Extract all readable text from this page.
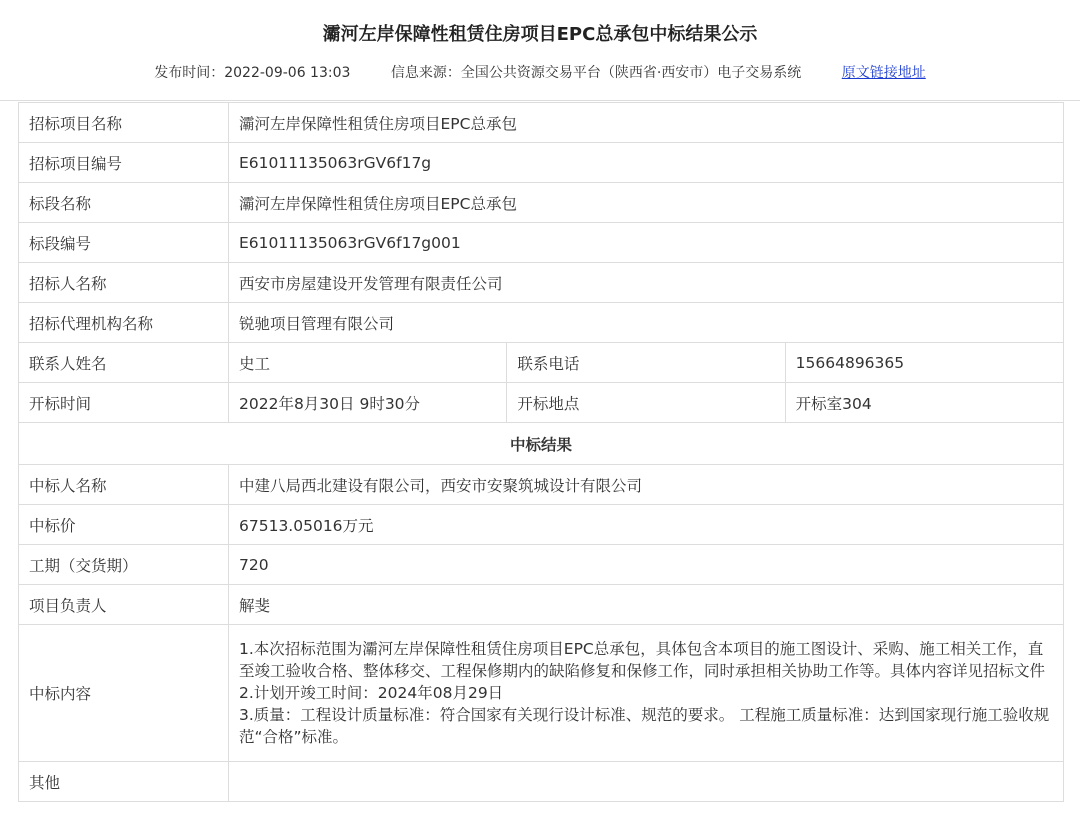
灞河左岸保障性租赁住房项目EPC总承包中标结果公示
发布时间：2022-09-06 13:03	信息来源：全国公共资源交易平台（陕西省·西安市）电子交易系统	原文链接地址
招标项目名称	灞河左岸保障性租赁住房项目EPC总承包		
招标项目编号	E61011135063rGV6f17g		
标段名称	灞河左岸保障性租赁住房项目EPC总承包		
标段编号	E61011135063rGV6f17g001		
招标人名称	西安市房屋建设开发管理有限责任公司		
招标代理机构名称	锐驰项目管理有限公司		
联系人姓名	史工	联系电话	15664896365
开标时间	2022年8月30日 9时30分	开标地点	开标室304
中标结果			
中标人名称	中建八局西北建设有限公司，西安市安聚筑城设计有限公司		
中标价	67513.05016万元		
工期（交货期）	720		
项目负责人	解斐		
中标内容	1.本次招标范围为灞河左岸保障性租赁住房项目EPC总承包，具体包含本项目的施工图设计、采购、施工相关工作，直至竣工验收合格、整体移交、工程保修期内的缺陷修复和保修工作，同时承担相关协助工作等。具体内容详见招标文件
2.计划开竣工时间：2024年08月29日
3.质量：工程设计质量标准：符合国家有关现行设计标准、规范的要求。 工程施工质量标准：达到国家现行施工验收规范“合格”标准。		

其他			
